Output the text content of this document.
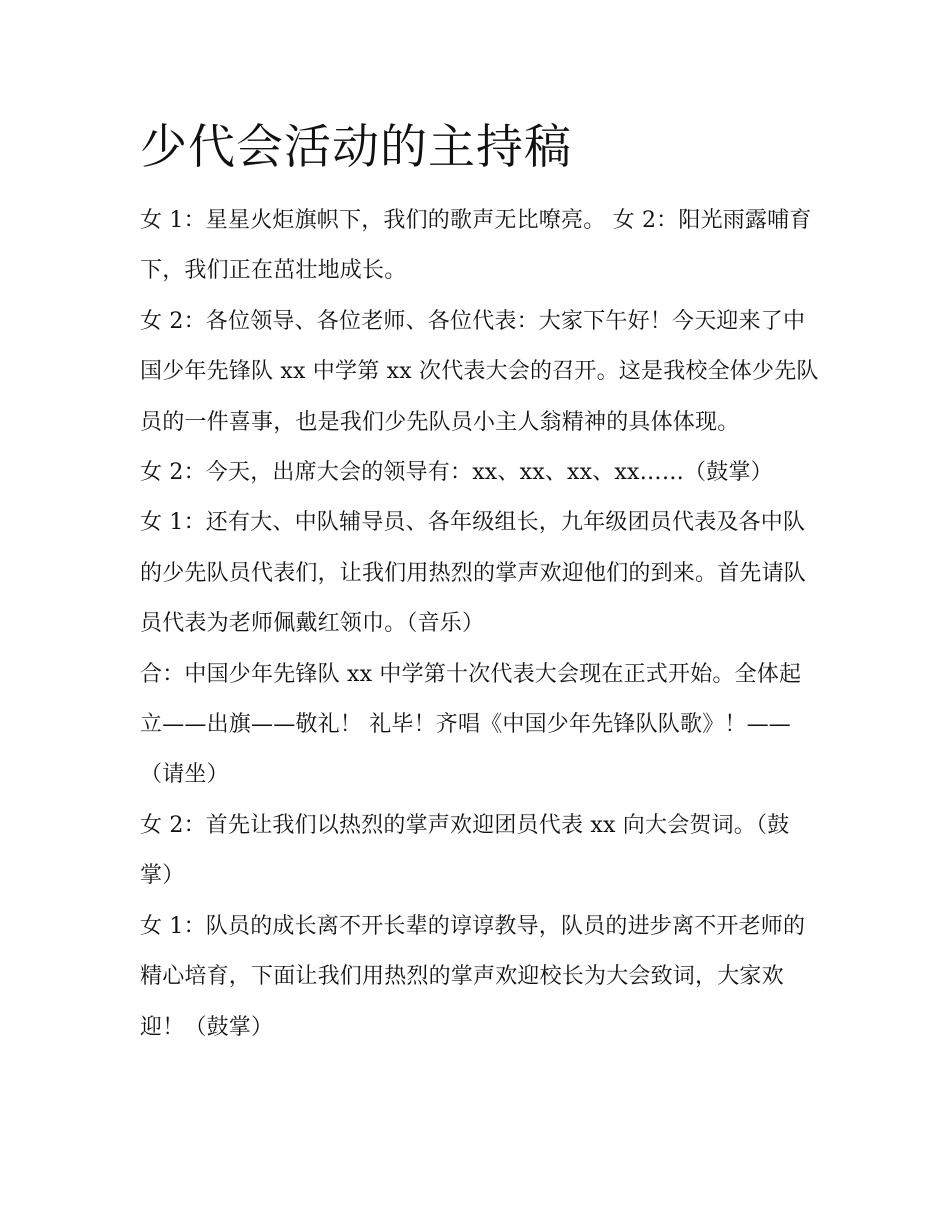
少代会活动的主持稿

女 1：星星火炬旗帜下，我们的歌声无比嘹亮。 女 2：阳光雨露哺育下，我们正在茁壮地成长。

女 2：各位领导、各位老师、各位代表：大家下午好！今天迎来了中国少年先锋队 xx 中学第 xx 次代表大会的召开。这是我校全体少先队员的一件喜事，也是我们少先队员小主人翁精神的具体体现。

女 2：今天，出席大会的领导有：xx、xx、xx、xx……（鼓掌）

女 1：还有大、中队辅导员、各年级组长，九年级团员代表及各中队的少先队员代表们，让我们用热烈的掌声欢迎他们的到来。首先请队员代表为老师佩戴红领巾。（音乐）

合：中国少年先锋队 xx 中学第十次代表大会现在正式开始。全体起立——出旗——敬礼！ 礼毕！齐唱《中国少年先锋队队歌》！——（请坐）

女 2：首先让我们以热烈的掌声欢迎团员代表 xx 向大会贺词。（鼓掌）

女 1：队员的成长离不开长辈的谆谆教导，队员的进步离不开老师的精心培育，下面让我们用热烈的掌声欢迎校长为大会致词，大家欢迎！（鼓掌）
